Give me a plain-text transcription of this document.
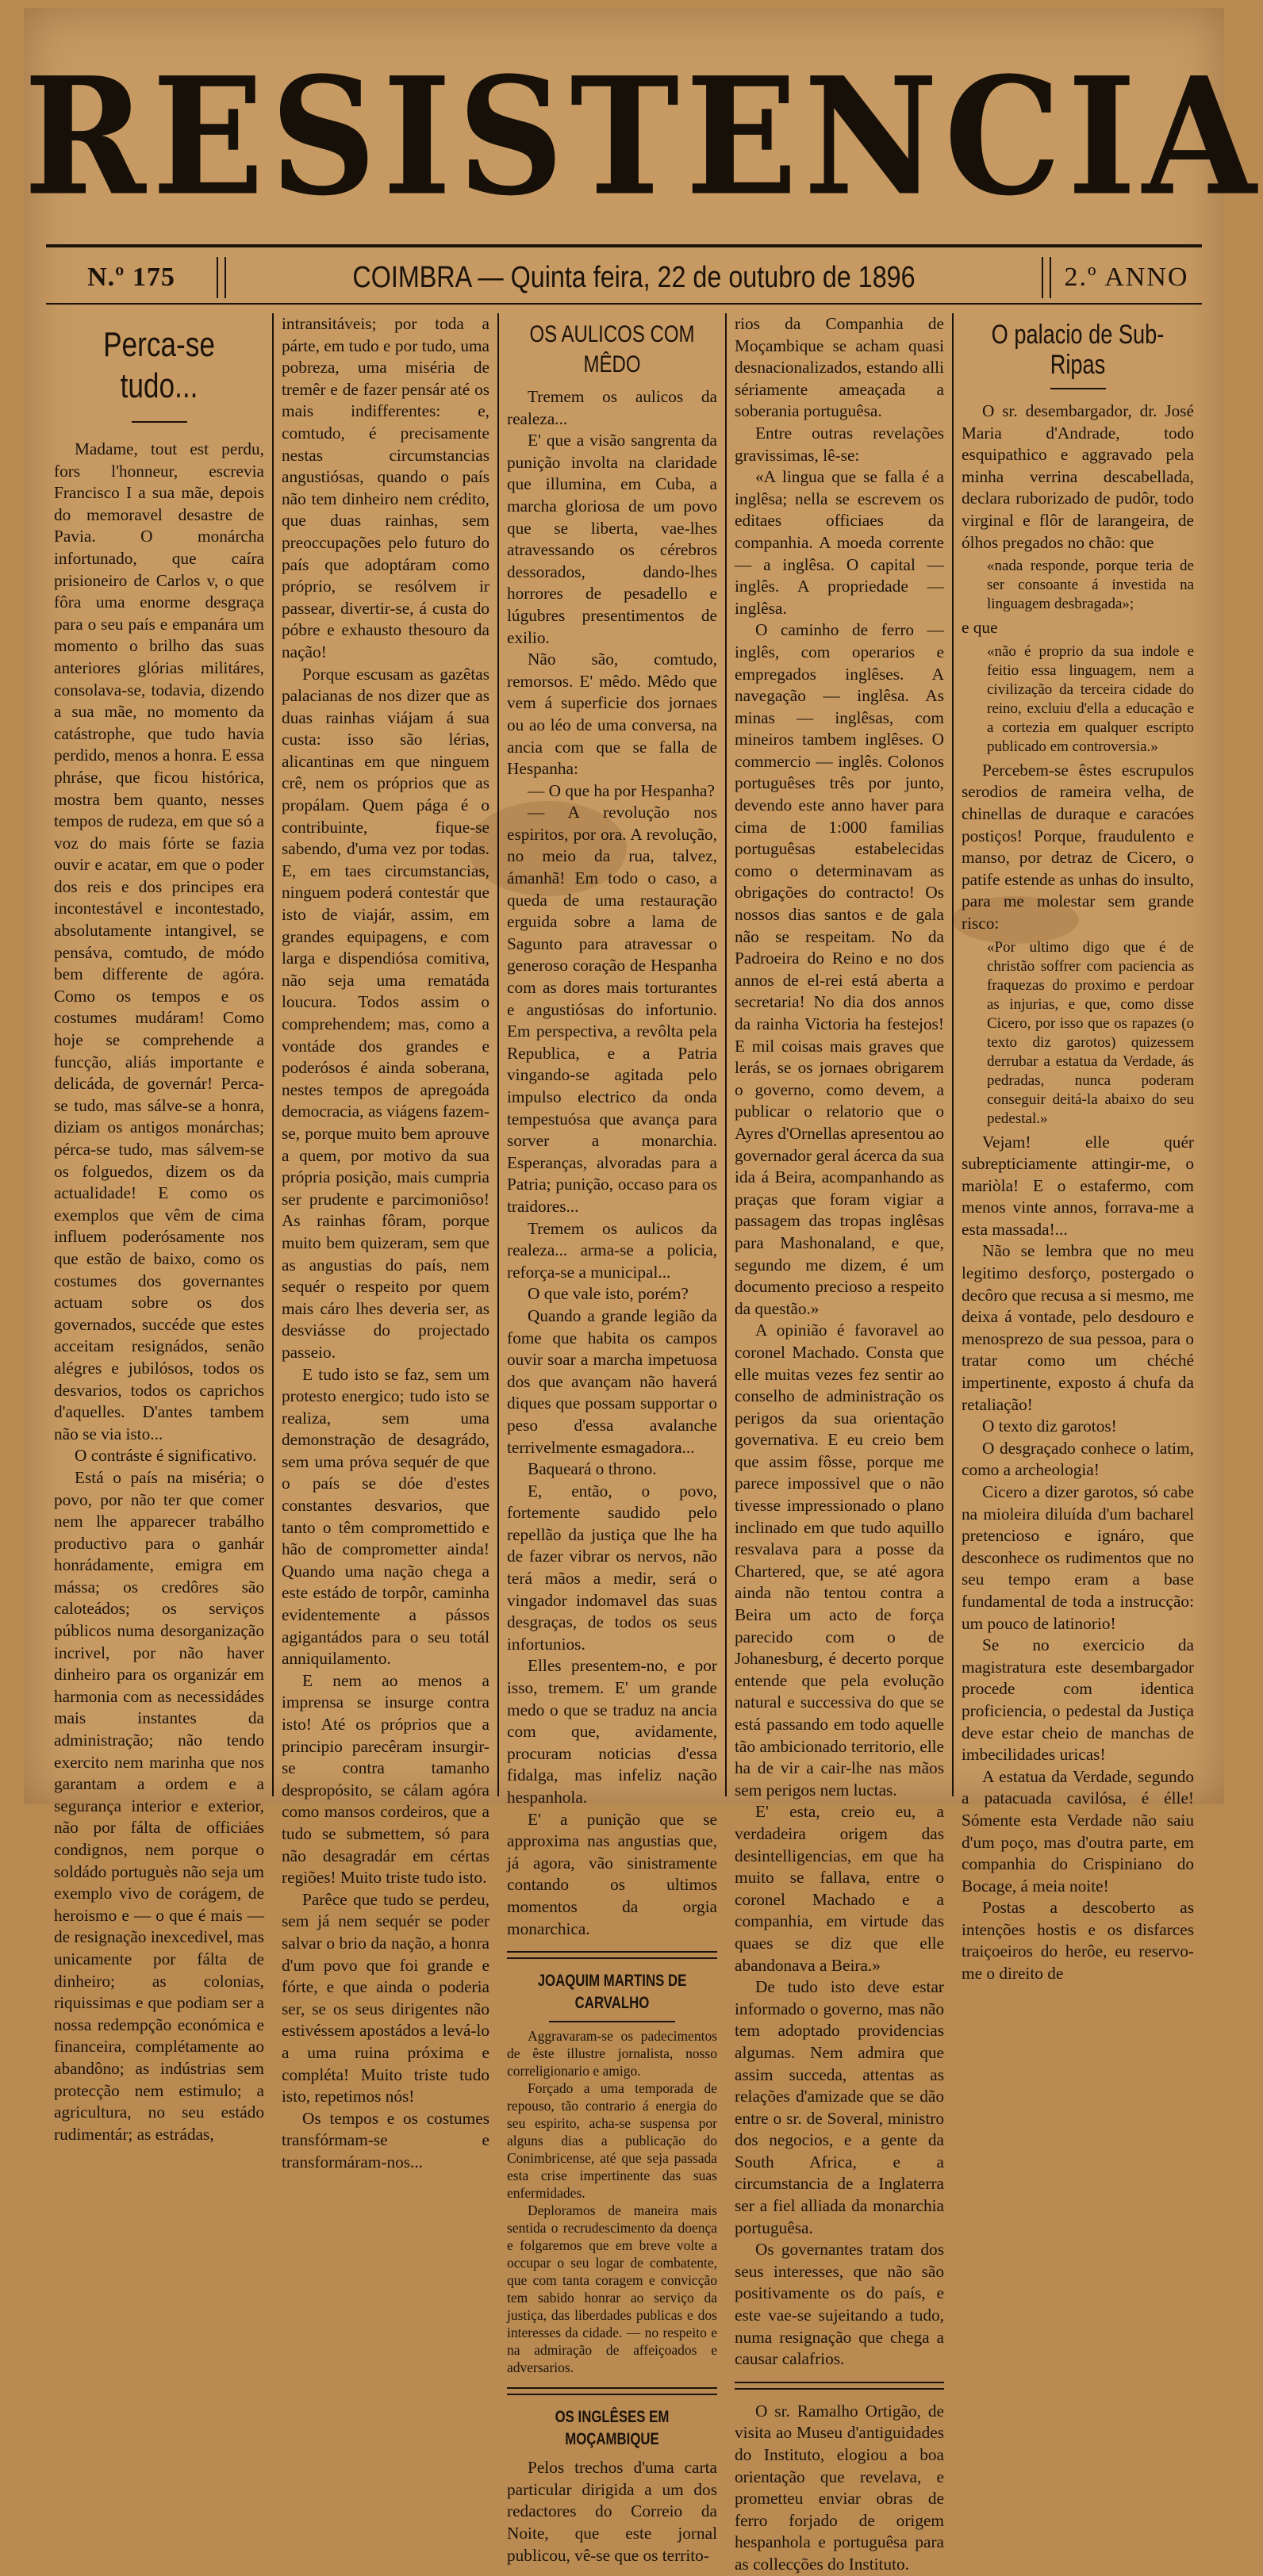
RESISTENCIA
N.º 175	COIMBRA — Quinta feira, 22 de outubro de 1896	2.º ANNO
Perca-se tudo...

Madame, tout est perdu, fors l'honneur, escrevia Francisco I a sua mãe, depois do memoravel desastre de Pavia. O monárcha infortunado, que caíra prisioneiro de Carlos v, o que fôra uma enorme desgraça para o seu país e empanára um momento o brilho das suas anteriores glórias militáres, consolava-se, todavia, dizendo a sua mãe, no momento da catástrophe, que tudo havia perdido, menos a honra. E essa phráse, que ficou histórica, mostra bem quanto, nesses tempos de rudeza, em que só a voz do mais fórte se fazia ouvir e acatar, em que o poder dos reis e dos principes era incontestável e incontestado, absolutamente intangivel, se pensáva, comtudo, de módo bem differente de agóra. Como os tempos e os costumes mudáram! Como hoje se comprehende a funcção, aliás importante e delicáda, de governár! Perca-se tudo, mas sálve-se a honra, diziam os antigos monárchas; pérca-se tudo, mas sálvem-se os folguedos, dizem os da actualidade! E como os exemplos que vêm de cima influem poderósamente nos que estão de baixo, como os costumes dos governantes actuam sobre os dos governados, succéde que estes acceitam resignádos, senão alégres e jubilósos, todos os desvarios, todos os caprichos d'aquelles. D'antes tambem não se via isto...

O contráste é significativo.

Está o país na miséria; o povo, por não ter que comer nem lhe apparecer trabálho productivo para o ganhár honrádamente, emigra em mássa; os credôres são caloteádos; os serviços públicos numa desorganização incrivel, por não haver dinheiro para os organizár em harmonia com as necessidádes mais instantes da administração; não tendo exercito nem marinha que nos garantam a ordem e a segurança interior e exterior, não por fálta de officiáes condignos, nem porque o soldádo portuguès não seja um exemplo vivo de corágem, de heroismo e — o que é mais — de resignação inexcedivel, mas unicamente por fálta de dinheiro; as colonias, riquissimas e que podiam ser a nossa redempção económica e financeira, complétamente ao abandôno; as indústrias sem protecção nem estimulo; a agricultura, no seu estádo rudimentár; as estrádas,

intransitáveis; por toda a párte, em tudo e por tudo, uma pobreza, uma miséria de tremêr e de fazer pensár até os mais indifferentes: e, comtudo, é precisamente nestas circumstancias angustiósas, quando o país não tem dinheiro nem crédito, que duas rainhas, sem preoccupações pelo futuro do país que adoptáram como próprio, se resólvem ir passear, divertir-se, á custa do póbre e exhausto thesouro da nação!

Porque escusam as gazêtas palacianas de nos dizer que as duas rainhas viájam á sua custa: isso são lérias, alicantinas em que ninguem crê, nem os próprios que as propálam. Quem pága é o contribuinte, fique-se sabendo, d'uma vez por todas. E, em taes circumstancias, ninguem poderá contestár que isto de viajár, assim, em grandes equipagens, e com larga e dispendiósa comitiva, não seja uma rematáda loucura. Todos assim o comprehendem; mas, como a vontáde dos grandes e poderósos é ainda soberana, nestes tempos de apregoáda democracia, as viágens fazem-se, porque muito bem aprouve a quem, por motivo da sua própria posição, mais cumpria ser prudente e parcimoniôso! As rainhas fôram, porque muito bem quizeram, sem que as angustias do país, nem sequér o respeito por quem mais cáro lhes deveria ser, as desviásse do projectado passeio.

E tudo isto se faz, sem um protesto energico; tudo isto se realiza, sem uma demonstração de desagrádo, sem uma próva sequér de que o país se dóe d'estes constantes desvarios, que tanto o têm compromettido e hão de comprometter ainda! Quando uma nação chega a este estádo de torpôr, caminha evidentemente a pássos agigantádos para o seu totál anniquilamento.

E nem ao menos a imprensa se insurge contra isto! Até os próprios que a principio parecêram insurgir-se contra tamanho despropósito, se cálam agóra como mansos cordeiros, que a tudo se submettem, só para não desagradár em cértas regiões! Muito triste tudo isto.

Parêce que tudo se perdeu, sem já nem sequér se poder salvar o brio da nação, a honra d'um povo que foi grande e fórte, e que ainda o poderia ser, se os seus dirigentes não estivéssem apostádos a levá-lo a uma ruina próxima e compléta! Muito triste tudo isto, repetimos nós!

Os tempos e os costumes transfórmam-se e transformáram-nos...

OS AULICOS COM MÊDO

Tremem os aulicos da realeza...

E' que a visão sangrenta da punição involta na claridade que illumina, em Cuba, a marcha gloriosa de um povo que se liberta, vae-lhes atravessando os cérebros dessorados, dando-lhes horrores de pesadello e lúgubres presentimentos de exilio.

Não são, comtudo, remorsos. E' mêdo. Mêdo que vem á superficie dos jornaes ou ao léo de uma conversa, na ancia com que se falla de Hespanha:

— O que ha por Hespanha?

— A revolução nos espiritos, por ora. A revolução, no meio da rua, talvez, ámanhã! Em todo o caso, a queda de uma restauração erguida sobre a lama de Sagunto para atravessar o generoso coração de Hespanha com as dores mais torturantes e angustiósas do infortunio. Em perspectiva, a revôlta pela Republica, e a Patria vingando-se agitada pelo impulso electrico da onda tempestuósa que avança para sorver a monarchia. Esperanças, alvoradas para a Patria; punição, occaso para os traidores...

Tremem os aulicos da realeza... arma-se a policia, reforça-se a municipal...

O que vale isto, porém?

Quando a grande legião da fome que habita os campos ouvir soar a marcha impetuosa dos que avançam não haverá diques que possam supportar o peso d'essa avalanche terrivelmente esmagadora...

Baqueará o throno.

E, então, o povo, fortemente saudido pelo repellão da justiça que lhe ha de fazer vibrar os nervos, não terá mãos a medir, será o vingador indomavel das suas desgraças, de todos os seus infortunios.

Elles presentem-no, e por isso, tremem. E' um grande medo o que se traduz na ancia com que, avidamente, procuram noticias d'essa fidalga, mas infeliz nação hespanhola.

E' a punição que se approxima nas angustias que, já agora, vão sinistramente contando os ultimos momentos da orgia monarchica.

JOAQUIM MARTINS DE CARVALHO

Aggravaram-se os padecimentos de êste illustre jornalista, nosso correligionario e amigo.

Forçado a uma temporada de repouso, tão contrario á energia do seu espirito, acha-se suspensa por alguns dias a publicação do Conimbricense, até que seja passada esta crise impertinente das suas enfermidades.

Deploramos de maneira mais sentida o recrudescimento da doença e folgaremos que em breve volte a occupar o seu logar de combatente, que com tanta coragem e convicção tem sabido honrar ao serviço da justiça, das liberdades publicas e dos interesses da cidade. — no respeito e na admiração de affeiçoados e adversarios.

OS INGLÊSES EM MOÇAMBIQUE

Pelos trechos d'uma carta particular dirigida a um dos redactores do Correio da Noite, que este jornal publicou, vê-se que os territo-

rios da Companhia de Moçambique se acham quasi desnacionalizados, estando alli sériamente ameaçada a soberania portuguêsa.

Entre outras revelações gravissimas, lê-se:

«A lingua que se falla é a inglêsa; nella se escrevem os editaes officiaes da companhia. A moeda corrente — a inglêsa. O capital — inglês. A propriedade — inglêsa.

O caminho de ferro — inglês, com operarios e empregados inglêses. A navegação — inglêsa. As minas — inglêsas, com mineiros tambem inglêses. O commercio — inglês. Colonos portuguêses três por junto, devendo este anno haver para cima de 1:000 familias portuguêsas estabelecidas como o determinavam as obrigações do contracto! Os nossos dias santos e de gala não se respeitam. No da Padroeira do Reino e no dos annos de el-rei está aberta a secretaria! No dia dos annos da rainha Victoria ha festejos! E mil coisas mais graves que lerás, se os jornaes obrigarem o governo, como devem, a publicar o relatorio que o Ayres d'Ornellas apresentou ao governador geral ácerca da sua ida á Beira, acompanhando as praças que foram vigiar a passagem das tropas inglêsas para Mashonaland, e que, segundo me dizem, é um documento precioso a respeito da questão.»

A opinião é favoravel ao coronel Machado. Consta que elle muitas vezes fez sentir ao conselho de administração os perigos da sua orientação governativa. E eu creio bem que assim fôsse, porque me parece impossivel que o não tivesse impressionado o plano inclinado em que tudo aquillo resvalava para a posse da Chartered, que, se até agora ainda não tentou contra a Beira um acto de força parecido com o de Johanesburg, é decerto porque entende que pela evolução natural e successiva do que se está passando em todo aquelle tão ambicionado territorio, elle ha de vir a cair-lhe nas mãos sem perigos nem luctas.

E' esta, creio eu, a verdadeira origem das desintelligencias, em que ha muito se fallava, entre o coronel Machado e a companhia, em virtude das quaes se diz que elle abandonava a Beira.»

De tudo isto deve estar informado o governo, mas não tem adoptado providencias algumas. Nem admira que assim succeda, attentas as relações d'amizade que se dão entre o sr. de Soveral, ministro dos negocios, e a gente da South Africa, e a circumstancia de a Inglaterra ser a fiel alliada da monarchia portuguêsa.

Os governantes tratam dos seus interesses, que não são positivamente os do país, e este vae-se sujeitando a tudo, numa resignação que chega a causar calafrios.

O sr. Ramalho Ortigão, de visita ao Museu d'antiguidades do Instituto, elogiou a boa orientação que revelava, e prometteu enviar obras de ferro forjado de origem hespanhola e portuguêsa para as collecções do Instituto.

O palacio de Sub-Ripas

O sr. desembargador, dr. José Maria d'Andrade, todo esquipathico e aggravado pela minha verrina descabellada, declara ruborizado de pudôr, todo virginal e flôr de larangeira, de ólhos pregados no chão: que

«nada responde, porque teria de ser consoante á investida na linguagem desbragada»;

e que

«não é proprio da sua indole e feitio essa linguagem, nem a civilização da terceira cidade do reino, excluiu d'ella a educação e a cortezia em qualquer escripto publicado em controversia.»

Percebem-se êstes escrupulos serodios de rameira velha, de chinellas de duraque e caracóes postiços! Porque, fraudulento e manso, por detraz de Cicero, o patife estende as unhas do insulto, para me molestar sem grande risco:

«Por ultimo digo que é de christão soffrer com paciencia as fraquezas do proximo e perdoar as injurias, e que, como disse Cicero, por isso que os rapazes (o texto diz garotos) quizessem derrubar a estatua da Verdade, ás pedradas, nunca poderam conseguir deitá-la abaixo do seu pedestal.»

Vejam! elle quér subrepticiamente attingir-me, o mariòla! E o estafermo, com menos vinte annos, forrava-me a esta massada!...

Não se lembra que no meu legitimo desforço, postergado o decôro que recusa a si mesmo, me deixa á vontade, pelo desdouro e menosprezo de sua pessoa, para o tratar como um chéché impertinente, exposto á chufa da retaliação!

O texto diz garotos!

O desgraçado conhece o latim, como a archeologia!

Cicero a dizer garotos, só cabe na mioleira diluída d'um bacharel pretencioso e ignáro, que desconhece os rudimentos que no seu tempo eram a base fundamental de toda a instrucção: um pouco de latinorio!

Se no exercicio da magistratura este desembargador procede com identica proficiencia, o pedestal da Justiça deve estar cheio de manchas de imbecilidades uricas!

A estatua da Verdade, segundo a patacuada cavilósa, é élle! Sómente esta Verdade não saiu d'um poço, mas d'outra parte, em companhia do Crispiniano do Bocage, á meia noite!

Postas a descoberto as intenções hostis e os disfarces traiçoeiros do herôe, eu reservo-me o direito de
